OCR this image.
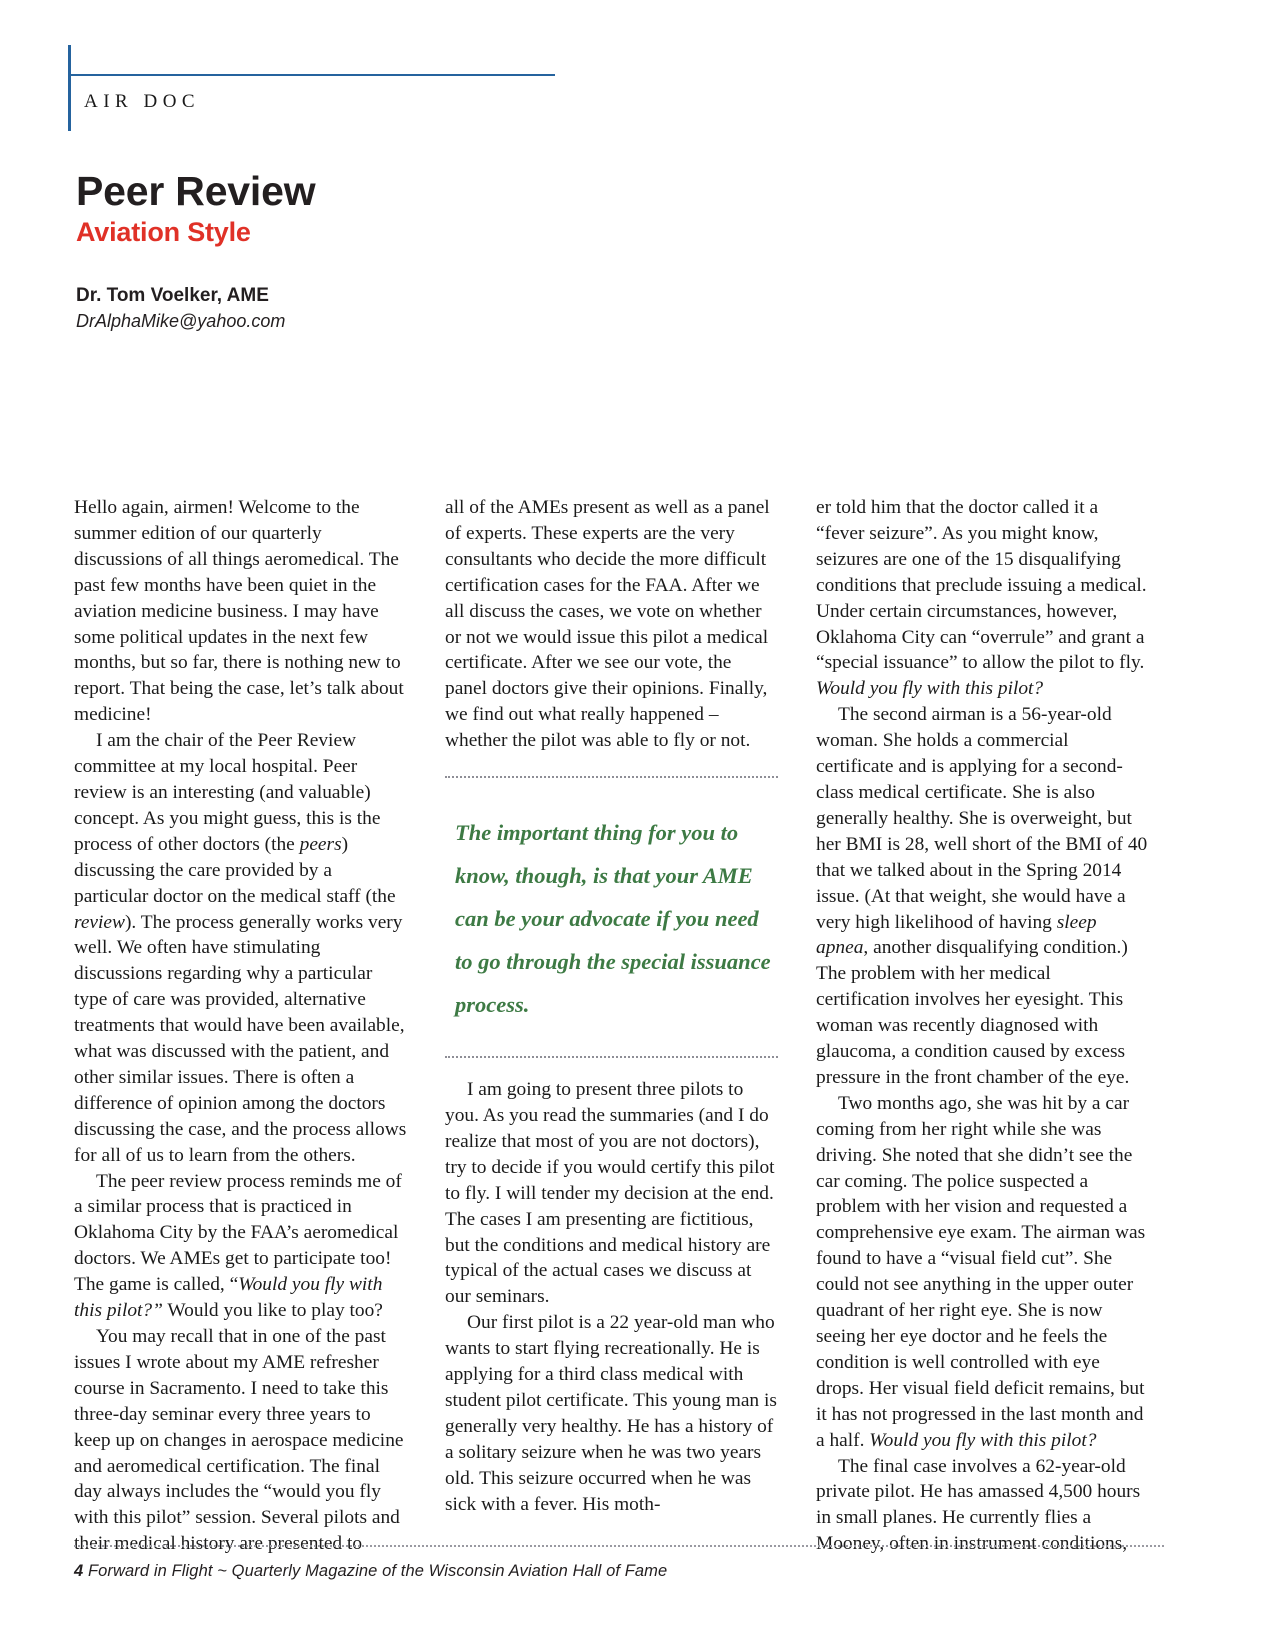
AIR DOC
Peer Review
Aviation Style
Dr. Tom Voelker, AME
DrAlphaMike@yahoo.com

Hello again, airmen! Welcome to the summer edition of our quarterly discussions of all things aeromedical. The past few months have been quiet in the aviation medicine business. I may have some political updates in the next few months, but so far, there is nothing new to report. That being the case, let’s talk about medicine!

I am the chair of the Peer Review committee at my local hospital. Peer review is an interesting (and valuable) concept. As you might guess, this is the process of other doctors (the peers) discussing the care provided by a particular doctor on the medical staff (the review). The process generally works very well. We often have stimulating discussions regarding why a particular type of care was provided, alternative treatments that would have been available, what was discussed with the patient, and other similar issues. There is often a difference of opinion among the doctors discussing the case, and the process allows for all of us to learn from the others.

The peer review process reminds me of a similar process that is practiced in Oklahoma City by the FAA’s aeromedical doctors. We AMEs get to participate too! The game is called, “Would you fly with this pilot?” Would you like to play too?

You may recall that in one of the past issues I wrote about my AME refresher course in Sacramento. I need to take this three-day seminar every three years to keep up on changes in aerospace medicine and aeromedical certification. The final day always includes the “would you fly with this pilot” session. Several pilots and their medical history are presented to

all of the AMEs present as well as a panel of experts. These experts are the very consultants who decide the more difficult certification cases for the FAA. After we all discuss the cases, we vote on whether or not we would issue this pilot a medical certificate. After we see our vote, the panel doctors give their opinions. Finally, we find out what really happened – whether the pilot was able to fly or not.

The important thing for you to know, though, is that your AME can be your advocate if you need to go through the special issuance process.

I am going to present three pilots to you. As you read the summaries (and I do realize that most of you are not doctors), try to decide if you would certify this pilot to fly. I will tender my decision at the end. The cases I am presenting are fictitious, but the conditions and medical history are typical of the actual cases we discuss at our seminars.

Our first pilot is a 22 year-old man who wants to start flying recreationally. He is applying for a third class medical with student pilot certificate. This young man is generally very healthy. He has a history of a solitary seizure when he was two years old. This seizure occurred when he was sick with a fever. His moth-

er told him that the doctor called it a “fever seizure”. As you might know, seizures are one of the 15 disqualifying conditions that preclude issuing a medical. Under certain circumstances, however, Oklahoma City can “overrule” and grant a “special issuance” to allow the pilot to fly. Would you fly with this pilot?

The second airman is a 56-year-old woman. She holds a commercial certificate and is applying for a second-class medical certificate. She is also generally healthy. She is overweight, but her BMI is 28, well short of the BMI of 40 that we talked about in the Spring 2014 issue. (At that weight, she would have a very high likelihood of having sleep apnea, another disqualifying condition.) The problem with her medical certification involves her eyesight. This woman was recently diagnosed with glaucoma, a condition caused by excess pressure in the front chamber of the eye.

Two months ago, she was hit by a car coming from her right while she was driving. She noted that she didn’t see the car coming. The police suspected a problem with her vision and requested a comprehensive eye exam. The airman was found to have a “visual field cut”. She could not see anything in the upper outer quadrant of her right eye. She is now seeing her eye doctor and he feels the condition is well controlled with eye drops. Her visual field deficit remains, but it has not progressed in the last month and a half. Would you fly with this pilot?

The final case involves a 62-year-old private pilot. He has amassed 4,500 hours in small planes. He currently flies a Mooney, often in instrument conditions,

4 Forward in Flight ~ Quarterly Magazine of the Wisconsin Aviation Hall of Fame
